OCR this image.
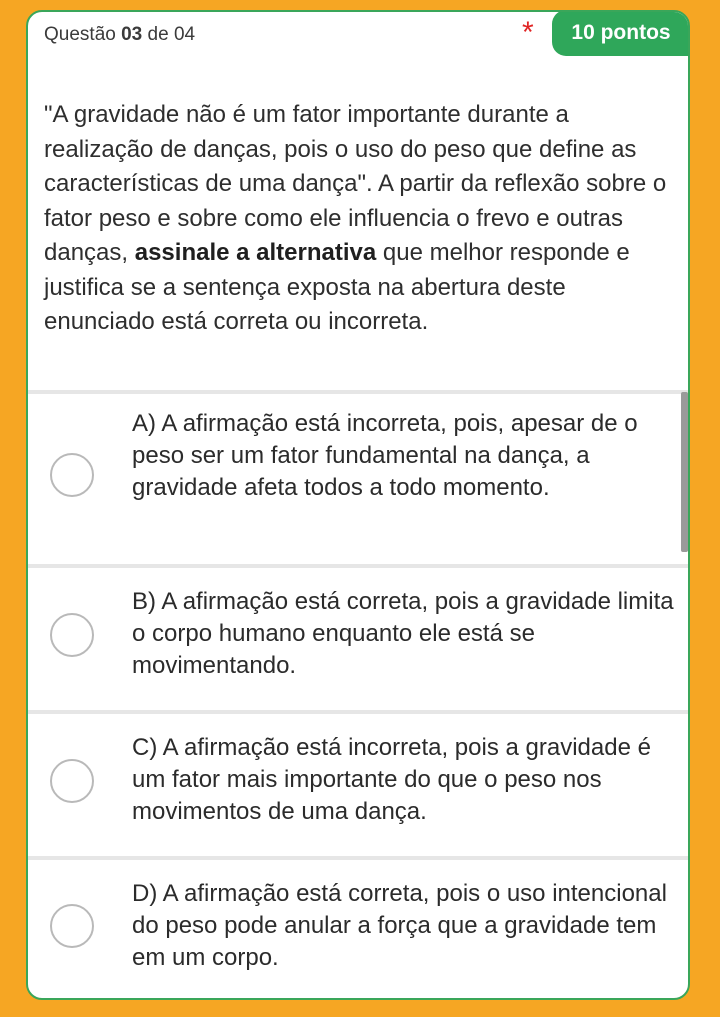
Questão 03 de 04	*	10 pontos

"A gravidade não é um fator importante durante a realização de danças, pois o uso do peso que define as características de uma dança". A partir da reflexão sobre o fator peso e sobre como ele influencia o frevo e outras danças, assinale a alternativa que melhor responde e justifica se a sentença exposta na abertura deste enunciado está correta ou incorreta.

A) A afirmação está incorreta, pois, apesar de o peso ser um fator fundamental na dança, a gravidade afeta todos a todo momento.

B) A afirmação está correta, pois a gravidade limita o corpo humano enquanto ele está se movimentando.

C) A afirmação está incorreta, pois a gravidade é um fator mais importante do que o peso nos movimentos de uma dança.

D) A afirmação está correta, pois o uso intencional do peso pode anular a força que a gravidade tem em um corpo.
